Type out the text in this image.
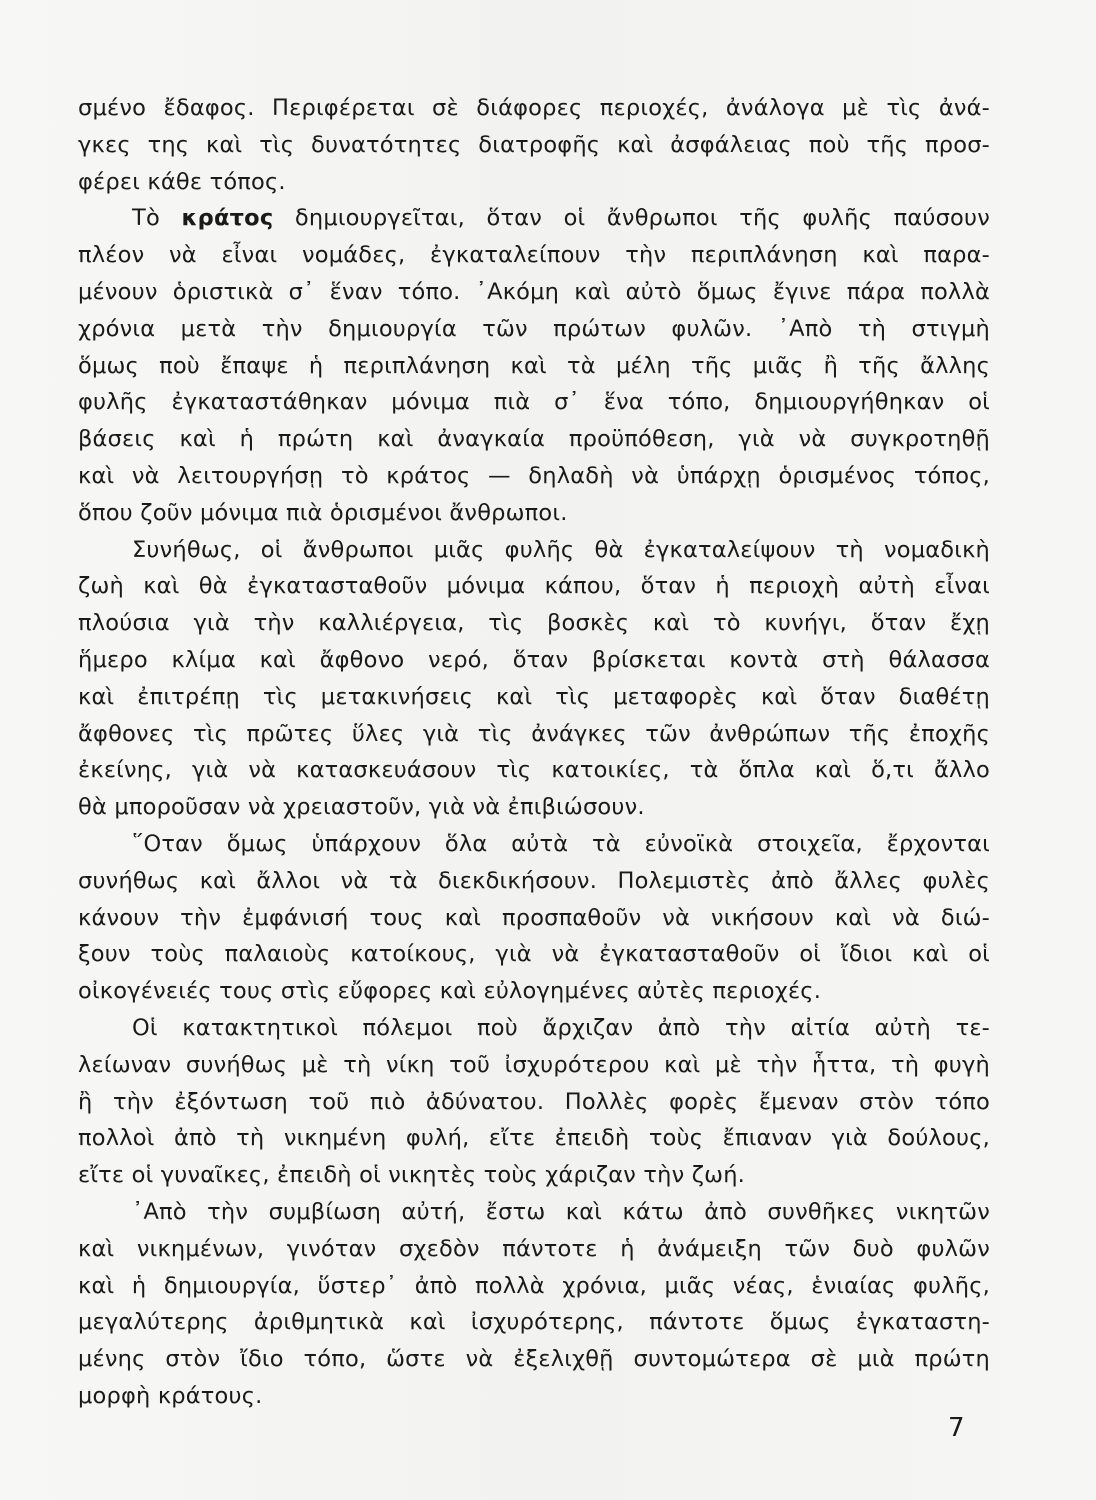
σμένο ἔδαφος. Περιφέρεται σὲ διάφορες περιοχές, ἀνάλογα μὲ τὶς ἀνά-
γκες της καὶ τὶς δυνατότητες διατροφῆς καὶ ἀσφάλειας ποὺ τῆς προσ-
φέρει κάθε τόπος.
Τὸ κράτος δημιουργεῖται, ὅταν οἱ ἄνθρωποι τῆς φυλῆς παύσουν
πλέον νὰ εἶναι νομάδες, ἐγκαταλείπουν τὴν περιπλάνηση καὶ παρα-
μένουν ὁριστικὰ σ᾽ ἕναν τόπο. ᾽Ακόμη καὶ αὐτὸ ὅμως ἔγινε πάρα πολλὰ
χρόνια μετὰ τὴν δημιουργία τῶν πρώτων φυλῶν. ᾽Απὸ τὴ στιγμὴ
ὅμως ποὺ ἔπαψε ἡ περιπλάνηση καὶ τὰ μέλη τῆς μιᾶς ἢ τῆς ἄλλης
φυλῆς ἐγκαταστάθηκαν μόνιμα πιὰ σ᾽ ἕνα τόπο, δημιουργήθηκαν οἱ
βάσεις καὶ ἡ πρώτη καὶ ἀναγκαία προϋπόθεση, γιὰ νὰ συγκροτηθῇ
καὶ νὰ λειτουργήσῃ τὸ κράτος — δηλαδὴ νὰ ὑπάρχῃ ὁρισμένος τόπος,
ὅπου ζοῦν μόνιμα πιὰ ὁρισμένοι ἄνθρωποι.
Συνήθως, οἱ ἄνθρωποι μιᾶς φυλῆς θὰ ἐγκαταλείψουν τὴ νομαδικὴ
ζωὴ καὶ θὰ ἐγκατασταθοῦν μόνιμα κάπου, ὅταν ἡ περιοχὴ αὐτὴ εἶναι
πλούσια γιὰ τὴν καλλιέργεια, τὶς βοσκὲς καὶ τὸ κυνήγι, ὅταν ἔχῃ
ἥμερο κλίμα καὶ ἄφθονο νερό, ὅταν βρίσκεται κοντὰ στὴ θάλασσα
καὶ ἐπιτρέπῃ τὶς μετακινήσεις καὶ τὶς μεταφορὲς καὶ ὅταν διαθέτῃ
ἄφθονες τὶς πρῶτες ὕλες γιὰ τὶς ἀνάγκες τῶν ἀνθρώπων τῆς ἐποχῆς
ἐκείνης, γιὰ νὰ κατασκευάσουν τὶς κατοικίες, τὰ ὅπλα καὶ ὅ,τι ἄλλο
θὰ μποροῦσαν νὰ χρειαστοῦν, γιὰ νὰ ἐπιβιώσουν.
῞Οταν ὅμως ὑπάρχουν ὅλα αὐτὰ τὰ εὐνοϊκὰ στοιχεῖα, ἔρχονται
συνήθως καὶ ἄλλοι νὰ τὰ διεκδικήσουν. Πολεμιστὲς ἀπὸ ἄλλες φυλὲς
κάνουν τὴν ἐμφάνισή τους καὶ προσπαθοῦν νὰ νικήσουν καὶ νὰ διώ-
ξουν τοὺς παλαιοὺς κατοίκους, γιὰ νὰ ἐγκατασταθοῦν οἱ ἴδιοι καὶ οἱ
οἰκογένειές τους στὶς εὔφορες καὶ εὐλογημένες αὐτὲς περιοχές.
Οἱ κατακτητικοὶ πόλεμοι ποὺ ἄρχιζαν ἀπὸ τὴν αἰτία αὐτὴ τε-
λείωναν συνήθως μὲ τὴ νίκη τοῦ ἰσχυρότερου καὶ μὲ τὴν ἧττα, τὴ φυγὴ
ἢ τὴν ἐξόντωση τοῦ πιὸ ἀδύνατου. Πολλὲς φορὲς ἔμεναν στὸν τόπο
πολλοὶ ἀπὸ τὴ νικημένη φυλή, εἴτε ἐπειδὴ τοὺς ἔπιαναν γιὰ δούλους,
εἴτε οἱ γυναῖκες, ἐπειδὴ οἱ νικητὲς τοὺς χάριζαν τὴν ζωή.
᾽Απὸ τὴν συμβίωση αὐτή, ἔστω καὶ κάτω ἀπὸ συνθῆκες νικητῶν
καὶ νικημένων, γινόταν σχεδὸν πάντοτε ἡ ἀνάμειξη τῶν δυὸ φυλῶν
καὶ ἡ δημιουργία, ὕστερ᾽ ἀπὸ πολλὰ χρόνια, μιᾶς νέας, ἑνιαίας φυλῆς,
μεγαλύτερης ἀριθμητικὰ καὶ ἰσχυρότερης, πάντοτε ὅμως ἐγκαταστη-
μένης στὸν ἴδιο τόπο, ὥστε νὰ ἐξελιχθῇ συντομώτερα σὲ μιὰ πρώτη
μορφὴ κράτους.
7
